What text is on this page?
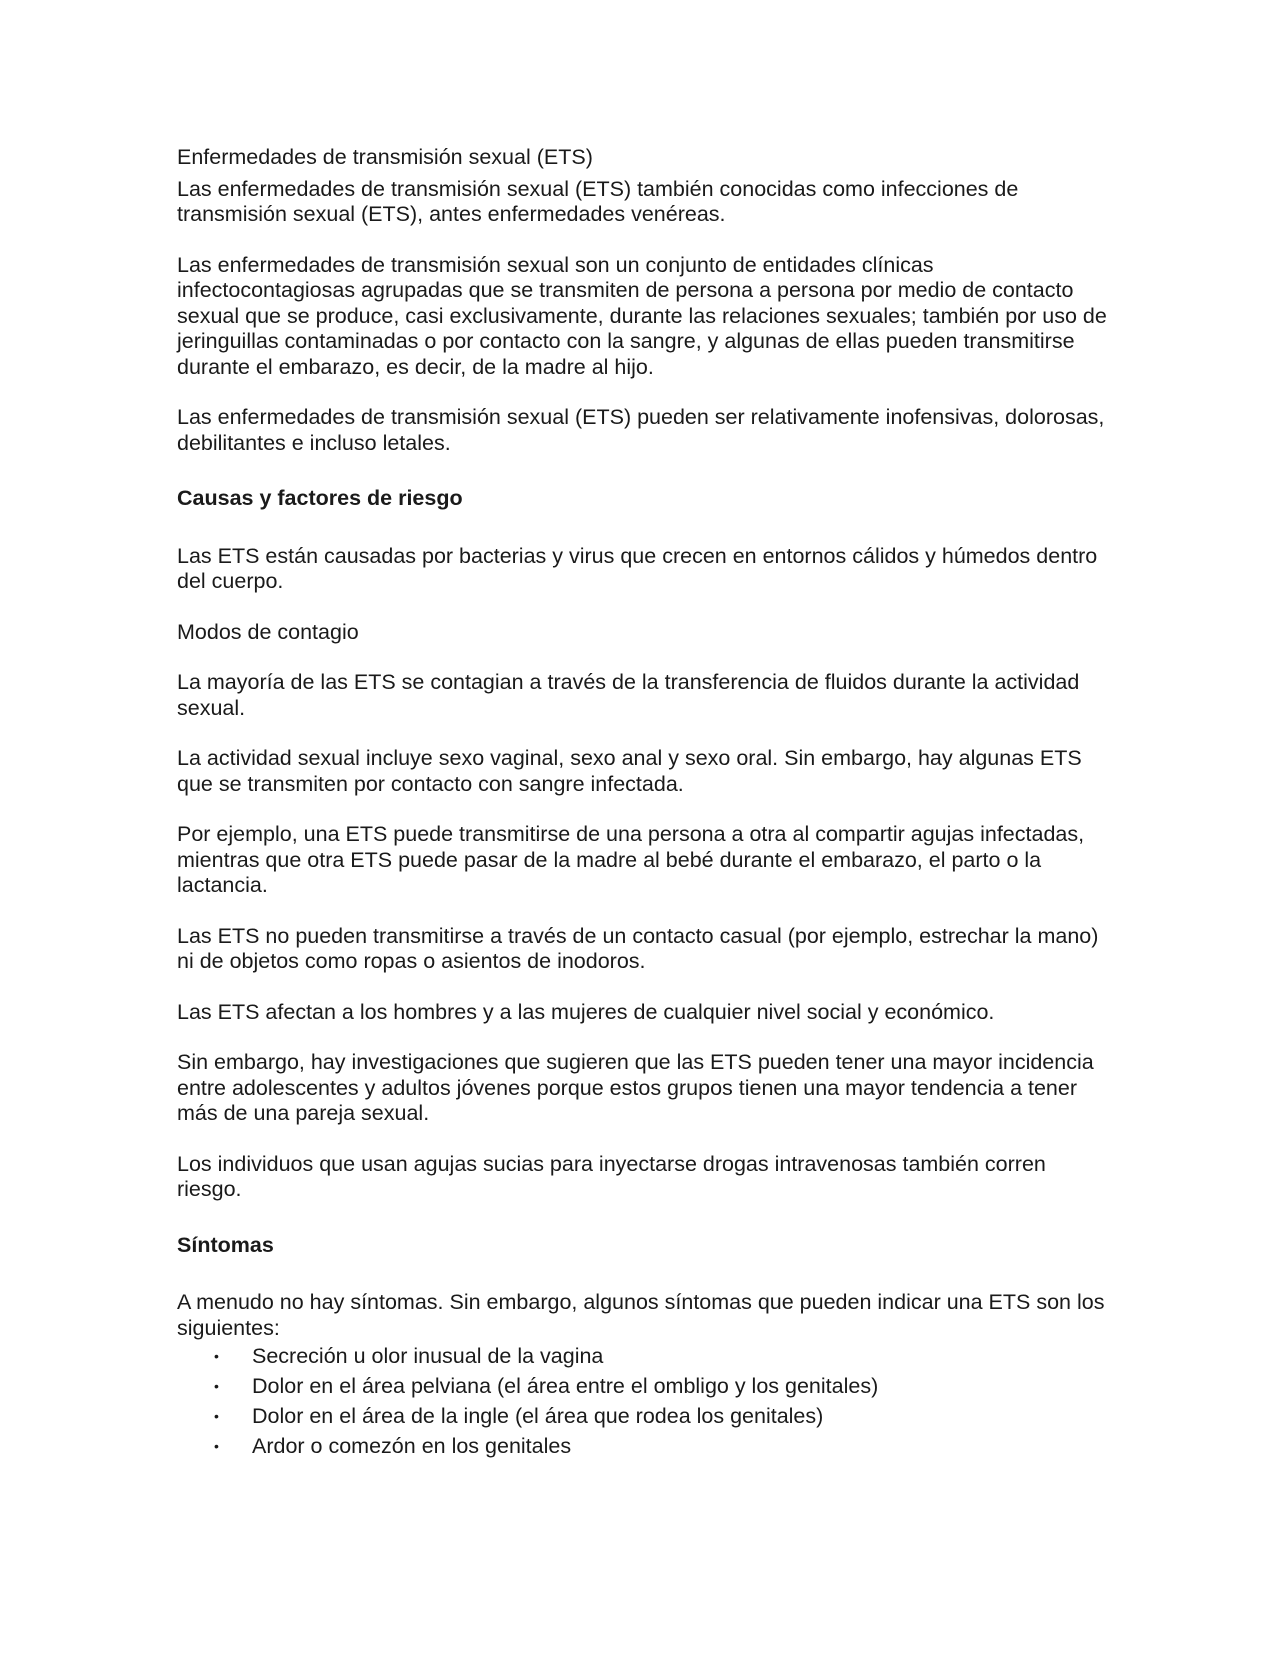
Enfermedades de transmisión sexual (ETS)

Las enfermedades de transmisión sexual (ETS) también conocidas como infecciones de transmisión sexual (ETS), antes enfermedades venéreas.

Las enfermedades de transmisión sexual son un conjunto de entidades clínicas infectocontagiosas agrupadas que se transmiten de persona a persona por medio de contacto sexual que se produce, casi exclusivamente, durante las relaciones sexuales; también por uso de jeringuillas contaminadas o por contacto con la sangre, y algunas de ellas pueden transmitirse durante el embarazo, es decir, de la madre al hijo.

Las enfermedades de transmisión sexual (ETS) pueden ser relativamente inofensivas, dolorosas, debilitantes e incluso letales.

Causas y factores de riesgo

Las ETS están causadas por bacterias y virus que crecen en entornos cálidos y húmedos dentro del cuerpo.

Modos de contagio

La mayoría de las ETS se contagian a través de la transferencia de fluidos durante la actividad sexual.

La actividad sexual incluye sexo vaginal, sexo anal y sexo oral. Sin embargo, hay algunas ETS que se transmiten por contacto con sangre infectada.

Por ejemplo, una ETS puede transmitirse de una persona a otra al compartir agujas infectadas, mientras que otra ETS puede pasar de la madre al bebé durante el embarazo, el parto o la lactancia.

Las ETS no pueden transmitirse a través de un contacto casual (por ejemplo, estrechar la mano) ni de objetos como ropas o asientos de inodoros.

Las ETS afectan a los hombres y a las mujeres de cualquier nivel social y económico.

Sin embargo, hay investigaciones que sugieren que las ETS pueden tener una mayor incidencia entre adolescentes y adultos jóvenes porque estos grupos tienen una mayor tendencia a tener más de una pareja sexual.

Los individuos que usan agujas sucias para inyectarse drogas intravenosas también corren riesgo.

Síntomas

A menudo no hay síntomas. Sin embargo, algunos síntomas que pueden indicar una ETS son los siguientes:

• Secreción u olor inusual de la vagina
• Dolor en el área pelviana (el área entre el ombligo y los genitales)
• Dolor en el área de la ingle (el área que rodea los genitales)
• Ardor o comezón en los genitales
